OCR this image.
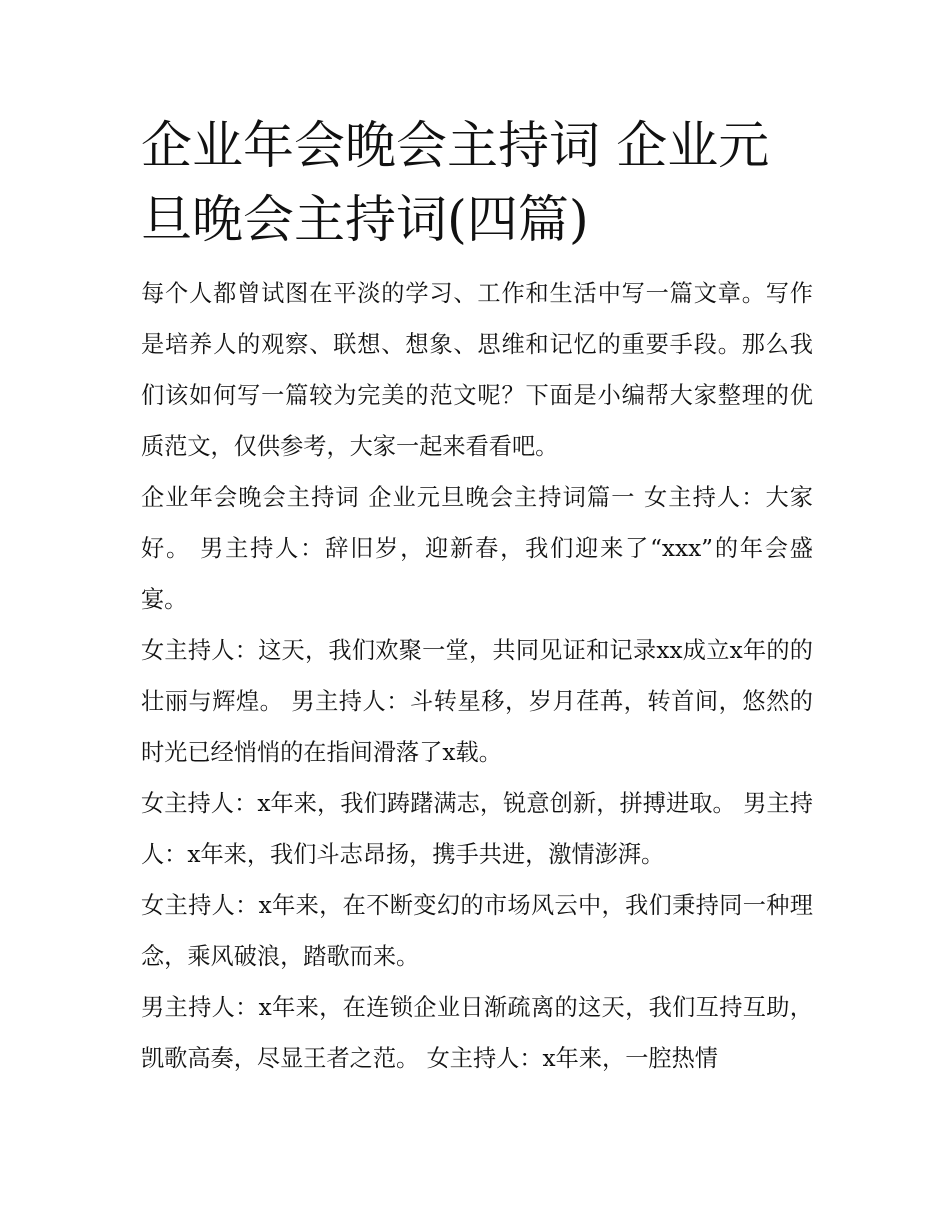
企业年会晚会主持词 企业元旦晚会主持词(四篇)

每个人都曾试图在平淡的学习、工作和生活中写一篇文章。写作是培养人的观察、联想、想象、思维和记忆的重要手段。那么我们该如何写一篇较为完美的范文呢？下面是小编帮大家整理的优质范文，仅供参考，大家一起来看看吧。

企业年会晚会主持词 企业元旦晚会主持词篇一 女主持人：大家好。 男主持人：辞旧岁，迎新春，我们迎来了“xxx”的年会盛宴。

女主持人：这天，我们欢聚一堂，共同见证和记录xx成立x年的的壮丽与辉煌。 男主持人：斗转星移，岁月荏苒，转首间，悠然的时光已经悄悄的在指间滑落了x载。

女主持人：x年来，我们踌躇满志，锐意创新，拼搏进取。 男主持人：x年来，我们斗志昂扬，携手共进，激情澎湃。

女主持人：x年来，在不断变幻的市场风云中，我们秉持同一种理念，乘风破浪，踏歌而来。

男主持人：x年来，在连锁企业日渐疏离的这天，我们互持互助，凯歌高奏，尽显王者之范。 女主持人：x年来，一腔热情
